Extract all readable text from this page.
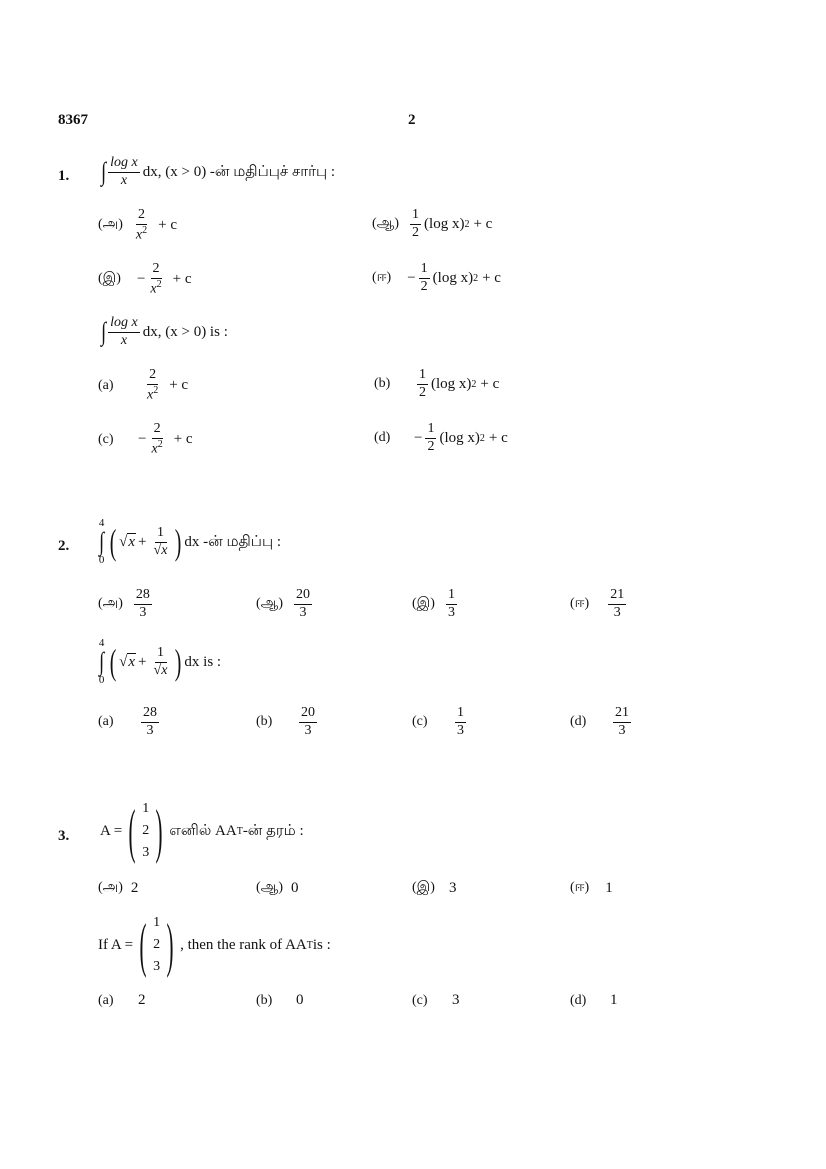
8367	2
1. ∫ $\frac{\text{log x}}{x}$ dx, (x > 0) -ன் மதிப்புச் சார்பு :
(அ) $\frac{2}{x^2} + c$	(ஆ) $\frac{1}{2} (\log$ x) 2 + c
(இ) − $\frac{2}{x^2} + c$	(ஈ) − $\frac{1}{2} (\log$ x) 2 + c
∫ $\frac{\text{log x}}{x}$ dx, (x > 0) is :
(a)	$\frac{2}{x^2} + c$	(b)	$\frac{1}{2} (\log$ x) 2 + c
(c)	− $\frac{2}{x^2} + c$	(d)	− $\frac{1}{2} (\log$ x) 2 + c
2.
4
∫
0 ( $√x + \frac{1}{√x}$ ) dx -ன் மதிப்பு :
(அ) $\frac{28}{3}$	(ஆ) $\frac{20}{3}$	(இ) $\frac{1}{3}$	(ஈ) $\frac{21}{3}$
4
∫
0 ( $√x + \frac{1}{√x}$ ) dx is :
(a)	$\frac{28}{3}$	(b)	$\frac{20}{3}$	(c)	$\frac{1}{3}$	(d)	$\frac{21}{3}$
3. A = ( 1
2
3 ) எனில் AA T -ன் தரம் :
(அ) 2	(ஆ) 0	(இ) 3	(ஈ) 1
If A = ( 1
2
3 ) , then the rank of AA T is :
(a)	2	(b)	0	(c)	3	(d)	1
